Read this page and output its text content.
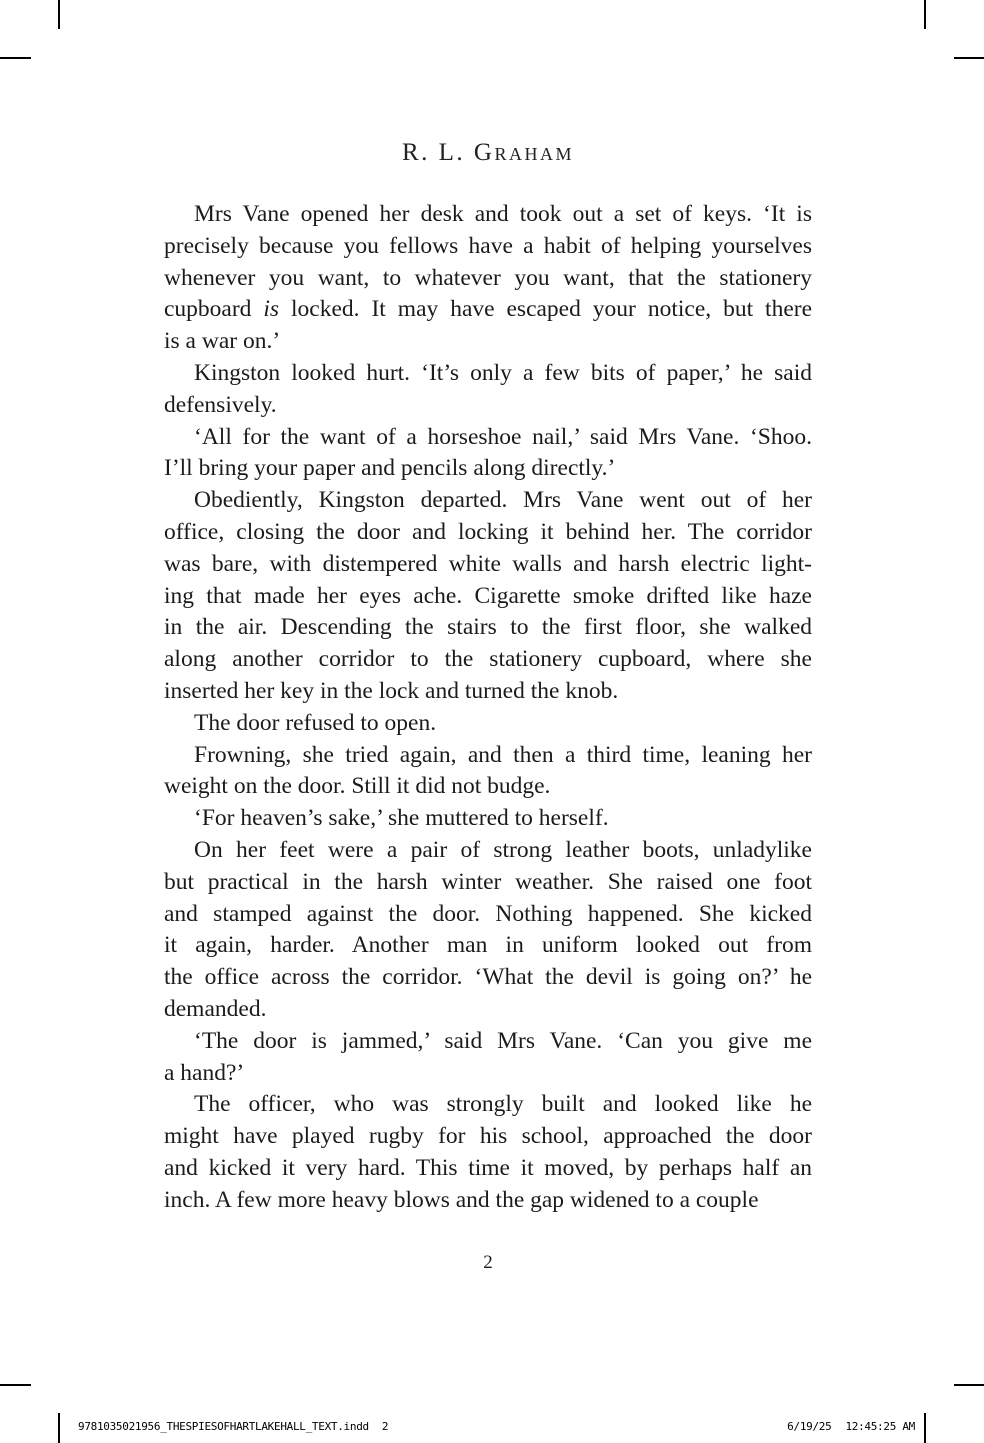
R. L. Graham
Mrs Vane opened her desk and took out a set of keys. ‘It is
precisely because you fellows have a habit of helping yourselves
whenever you want, to whatever you want, that the stationery
cupboard is locked. It may have escaped your notice, but there
is a war on.’
Kingston looked hurt. ‘It’s only a few bits of paper,’ he said
defensively.
‘All for the want of a horseshoe nail,’ said Mrs Vane. ‘Shoo.
I’ll bring your paper and pencils along directly.’
Obediently, Kingston departed. Mrs Vane went out of her
office, closing the door and locking it behind her. The corridor
was bare, with distempered white walls and harsh electric light-
ing that made her eyes ache. Cigarette smoke drifted like haze
in the air. Descending the stairs to the first floor, she walked
along another corridor to the stationery cupboard, where she
inserted her key in the lock and turned the knob.
The door refused to open.
Frowning, she tried again, and then a third time, leaning her
weight on the door. Still it did not budge.
‘For heaven’s sake,’ she muttered to herself.
On her feet were a pair of strong leather boots, unladylike
but practical in the harsh winter weather. She raised one foot
and stamped against the door. Nothing happened. She kicked
it again, harder. Another man in uniform looked out from
the office across the corridor. ‘What the devil is going on?’ he
demanded.
‘The door is jammed,’ said Mrs Vane. ‘Can you give me
a hand?’
The officer, who was strongly built and looked like he
might have played rugby for his school, approached the door
and kicked it very hard. This time it moved, by perhaps half an
inch. A few more heavy blows and the gap widened to a couple
2
9781035021956_THESPIESOFHARTLAKEHALL_TEXT.indd 2	6/19/25 12:45:25 AM
